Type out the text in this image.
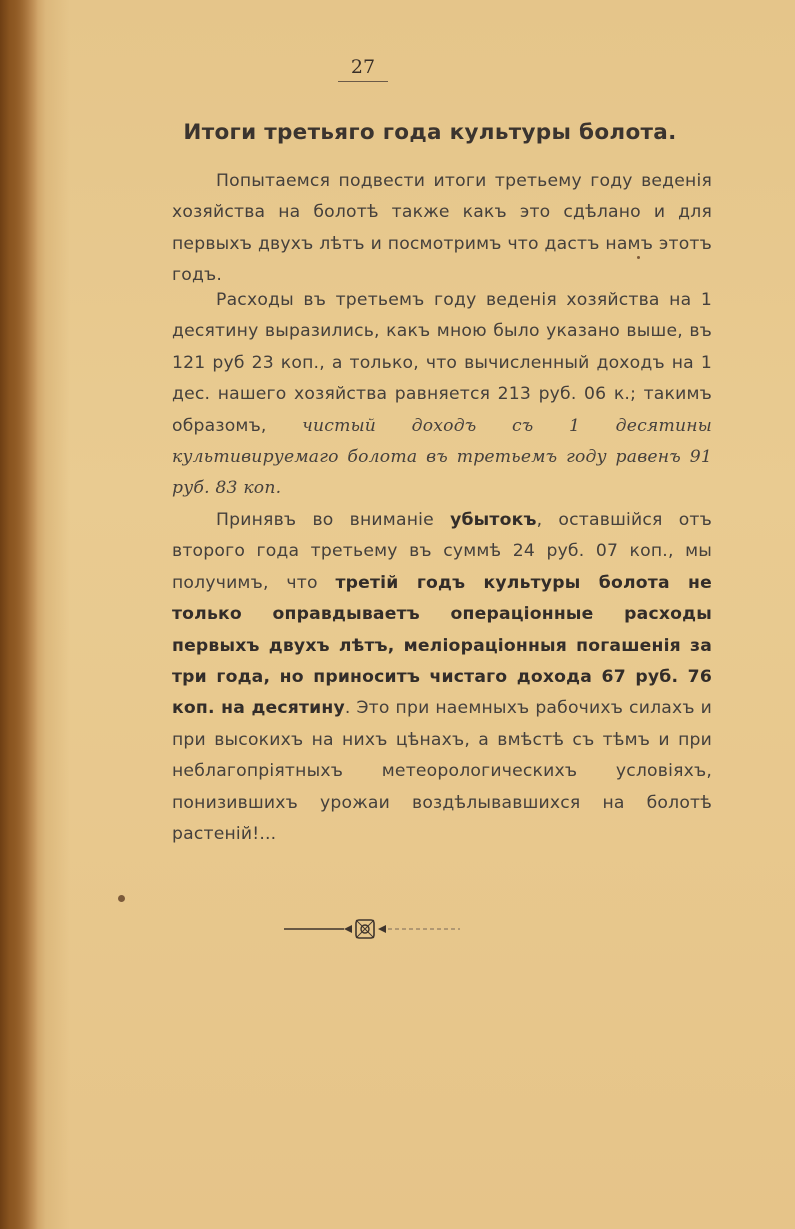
27
Итоги третьяго года культуры болота.

Попытаемся подвести итоги третьему году веденія хозяйства на болотѣ также какъ это сдѣлано и для первыхъ двухъ лѣтъ и посмотримъ что дастъ намъ этотъ годъ.

Расходы въ третьемъ году веденія хозяйства на 1 десятину выразились, какъ мною было указано выше, въ 121 руб 23 коп., а только, что вычисленный доходъ на 1 дес. нашего хозяйства равняется 213 руб. 06 к.; такимъ образомъ, чистый доходъ съ 1 десятины культивируемаго болота въ третьемъ году равенъ 91 руб. 83 коп.

Принявъ во вниманіе убытокъ, оставшійся отъ второго года третьему въ суммѣ 24 руб. 07 коп., мы получимъ, что третій годъ культуры болота не только оправдываетъ операціонные расходы первыхъ двухъ лѣтъ, меліораціонныя погашенія за три года, но приноситъ чистаго дохода 67 руб. 76 коп. на десятину. Это при наемныхъ рабочихъ силахъ и при высокихъ на нихъ цѣнахъ, а вмѣстѣ съ тѣмъ и при неблагопріятныхъ метеорологическихъ условіяхъ, понизившихъ урожаи воздѣлывавшихся на болотѣ растеній!...
